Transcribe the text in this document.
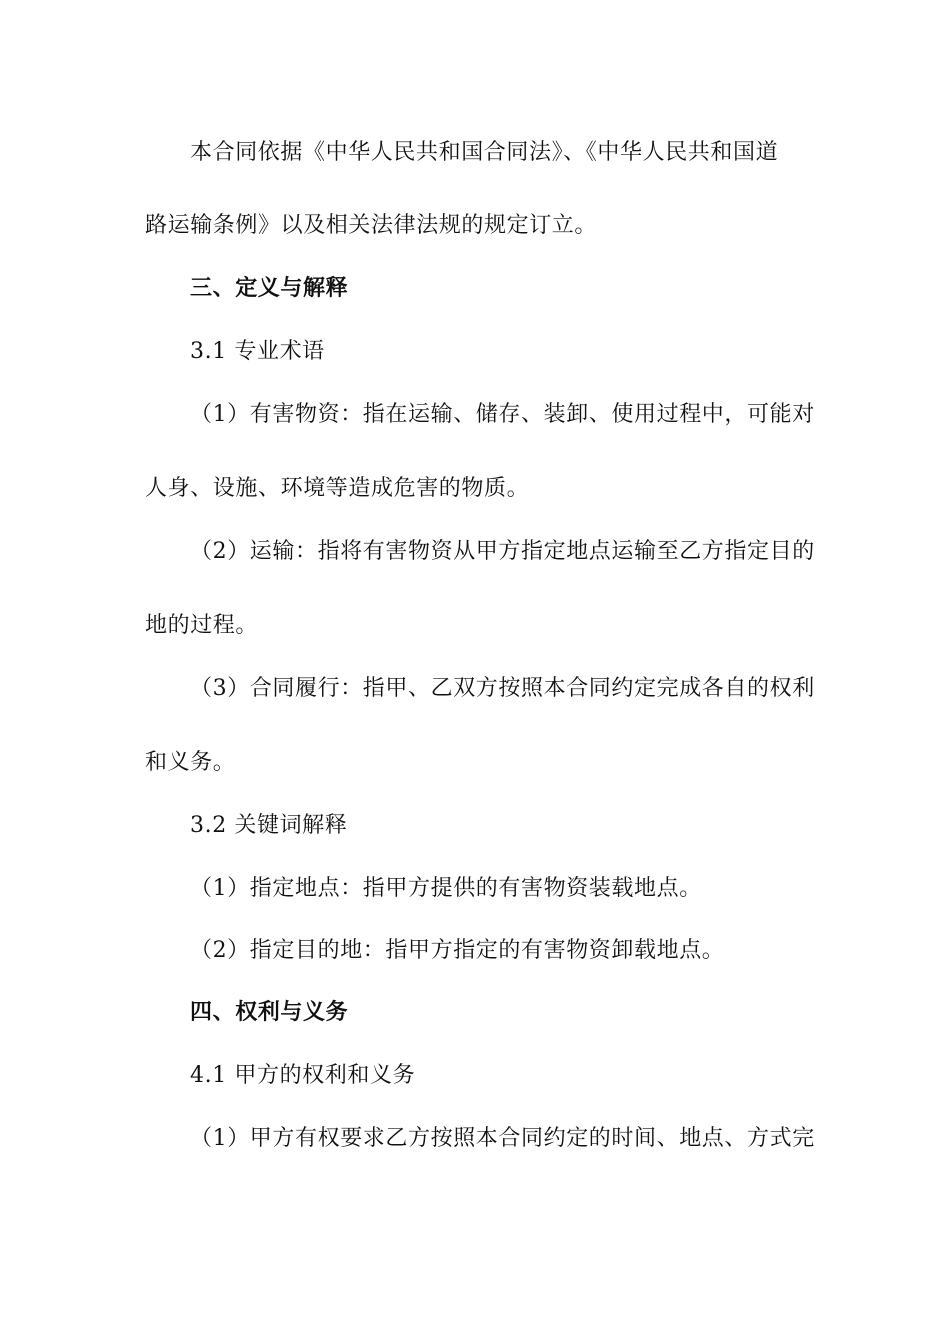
本合同依据《中华人民共和国合同法》、《中华人民共和国道
路运输条例》以及相关法律法规的规定订立。
三、定义与解释
3.1 专业术语
（1）有害物资：指在运输、储存、装卸、使用过程中，可能对
人身、设施、环境等造成危害的物质。
（2）运输：指将有害物资从甲方指定地点运输至乙方指定目的
地的过程。
（3）合同履行：指甲、乙双方按照本合同约定完成各自的权利
和义务。
3.2 关键词解释
（1）指定地点：指甲方提供的有害物资装载地点。
（2）指定目的地：指甲方指定的有害物资卸载地点。
四、权利与义务
4.1 甲方的权利和义务
（1）甲方有权要求乙方按照本合同约定的时间、地点、方式完
